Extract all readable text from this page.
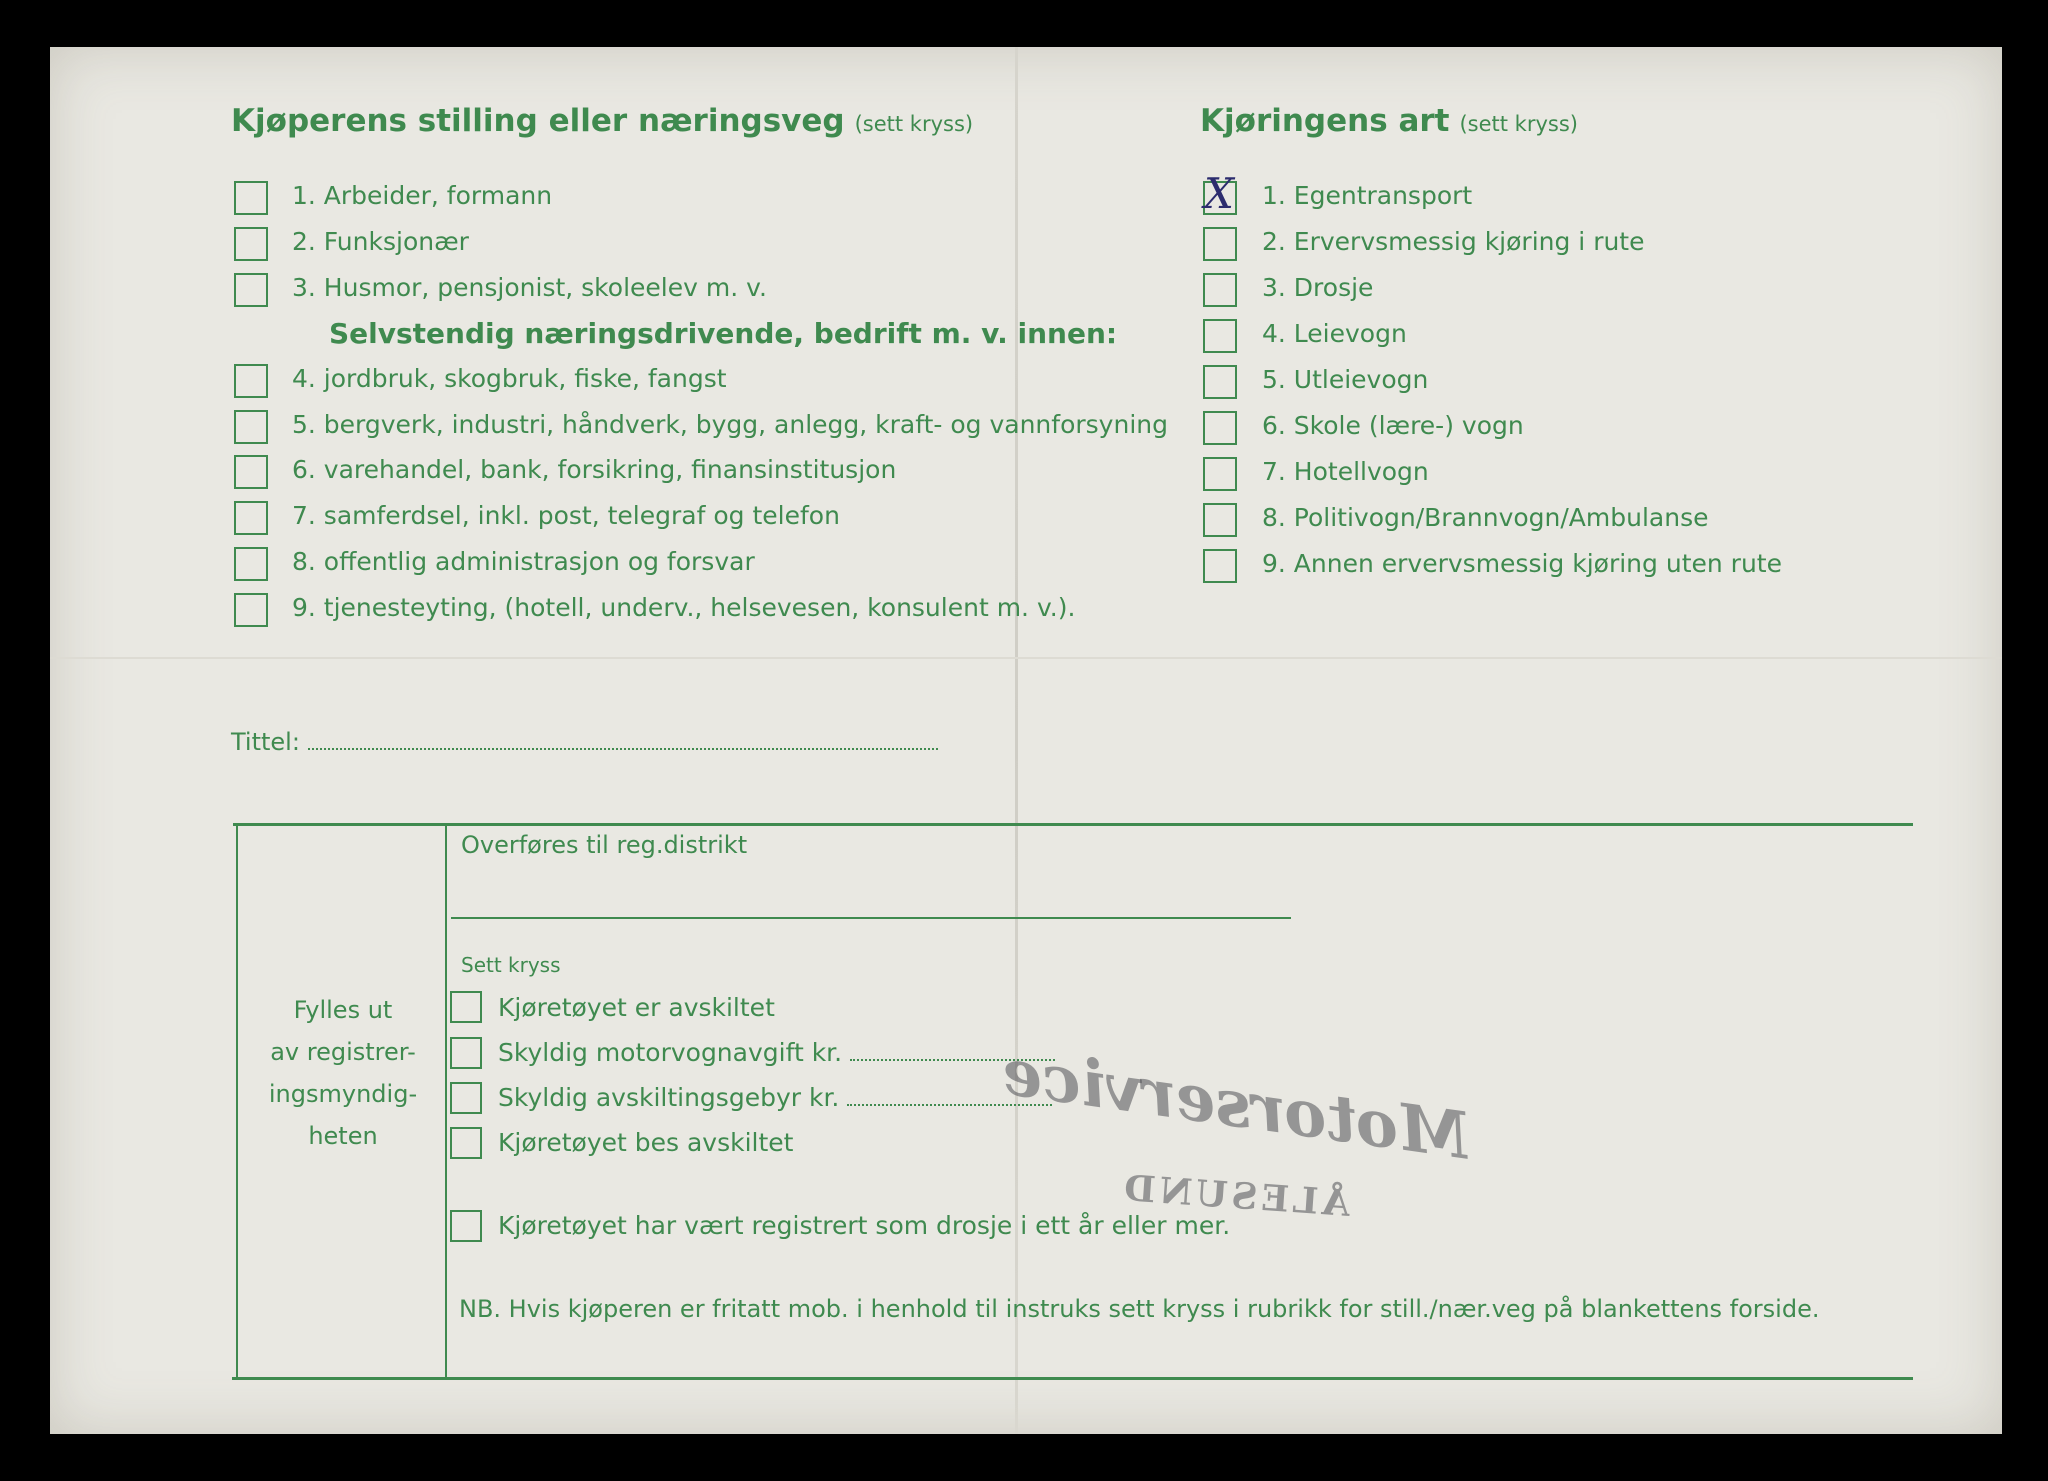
Kjøperens stilling eller næringsveg (sett kryss)
1. Arbeider, formann
2. Funksjonær
3. Husmor, pensjonist, skoleelev m. v.
Selvstendig næringsdrivende, bedrift m. v. innen:
4. jordbruk, skogbruk, fiske, fangst
5. bergverk, industri, håndverk, bygg, anlegg, kraft- og vannforsyning
6. varehandel, bank, forsikring, finansinstitusjon
7. samferdsel, inkl. post, telegraf og telefon
8. offentlig administrasjon og forsvar
9. tjenesteyting, (hotell, underv., helsevesen, konsulent m. v.).
Tittel:
Kjøringens art (sett kryss)
X 1. Egentransport
2. Ervervsmessig kjøring i rute
3. Drosje
4. Leievogn
5. Utleievogn
6. Skole (lære-) vogn
7. Hotellvogn
8. Politivogn/Brannvogn/Ambulanse
9. Annen ervervsmessig kjøring uten rute
Fylles ut
av registrer-
ingsmyndig-
heten
Overføres til reg.distrikt
Sett kryss
Kjøretøyet er avskiltet
Skyldig motorvognavgift kr.
Skyldig avskiltingsgebyr kr.
Kjøretøyet bes avskiltet
Kjøretøyet har vært registrert som drosje i ett år eller mer.
NB. Hvis kjøperen er fritatt mob. i henhold til instruks sett kryss i rubrikk for still./nær.veg på blankettens forside.
Motorservice
ÅLESUND
